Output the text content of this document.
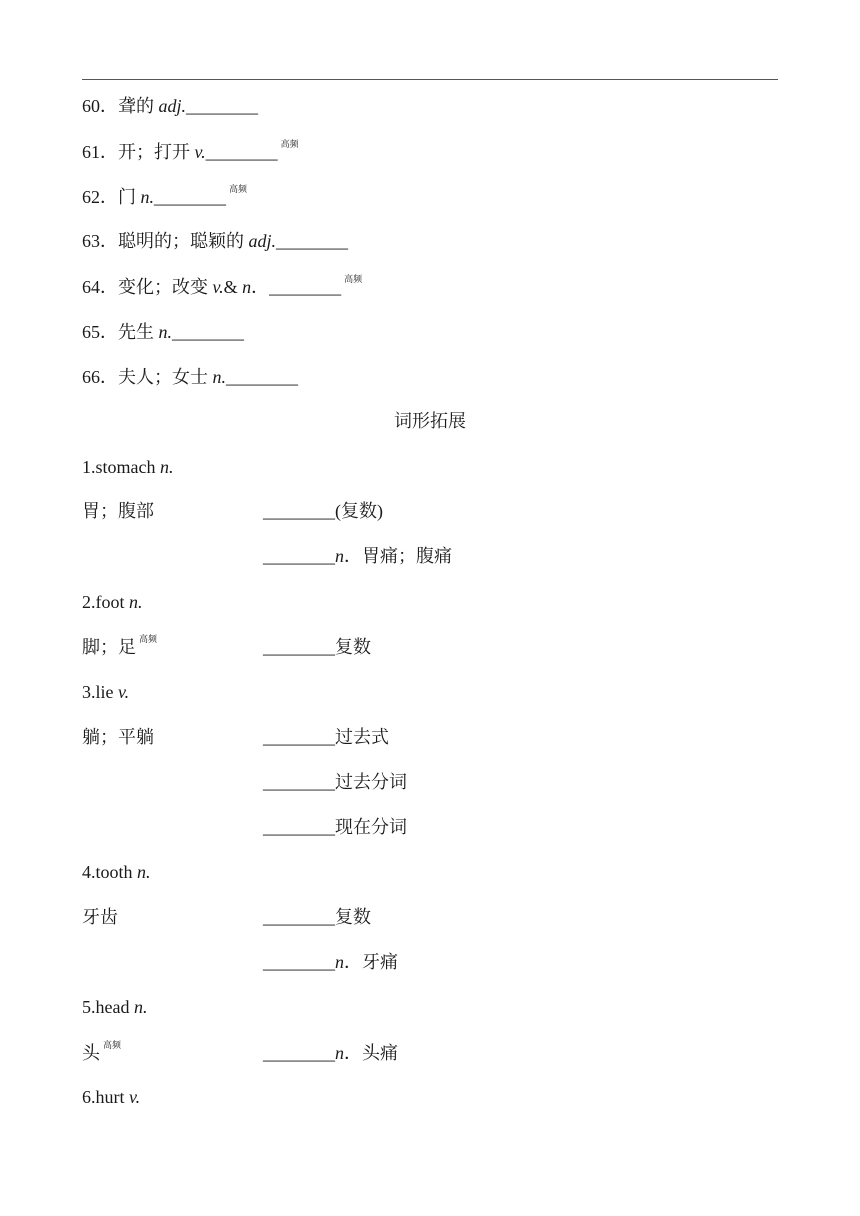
60．聋的 adj.________
61．开；打开 v.________ $^{高频}$
62．门 n.________ $^{高频}$
63．聪明的；聪颖的 adj.________
64．变化；改变 v.& n．________ $^{高频}$
65．先生 n.________
66．夫人；女士 n.________
词形拓展
1.stomach n.
胃；腹部	________(复数)
________n．胃痛；腹痛
2.foot n.
脚；足 $^{高频}$	________复数
3.lie v.
躺；平躺	________过去式
________过去分词
________现在分词
4.tooth n.
牙齿	________复数
________n．牙痛
5.head n.
头 $^{高频}$	________n．头痛
6.hurt v.
